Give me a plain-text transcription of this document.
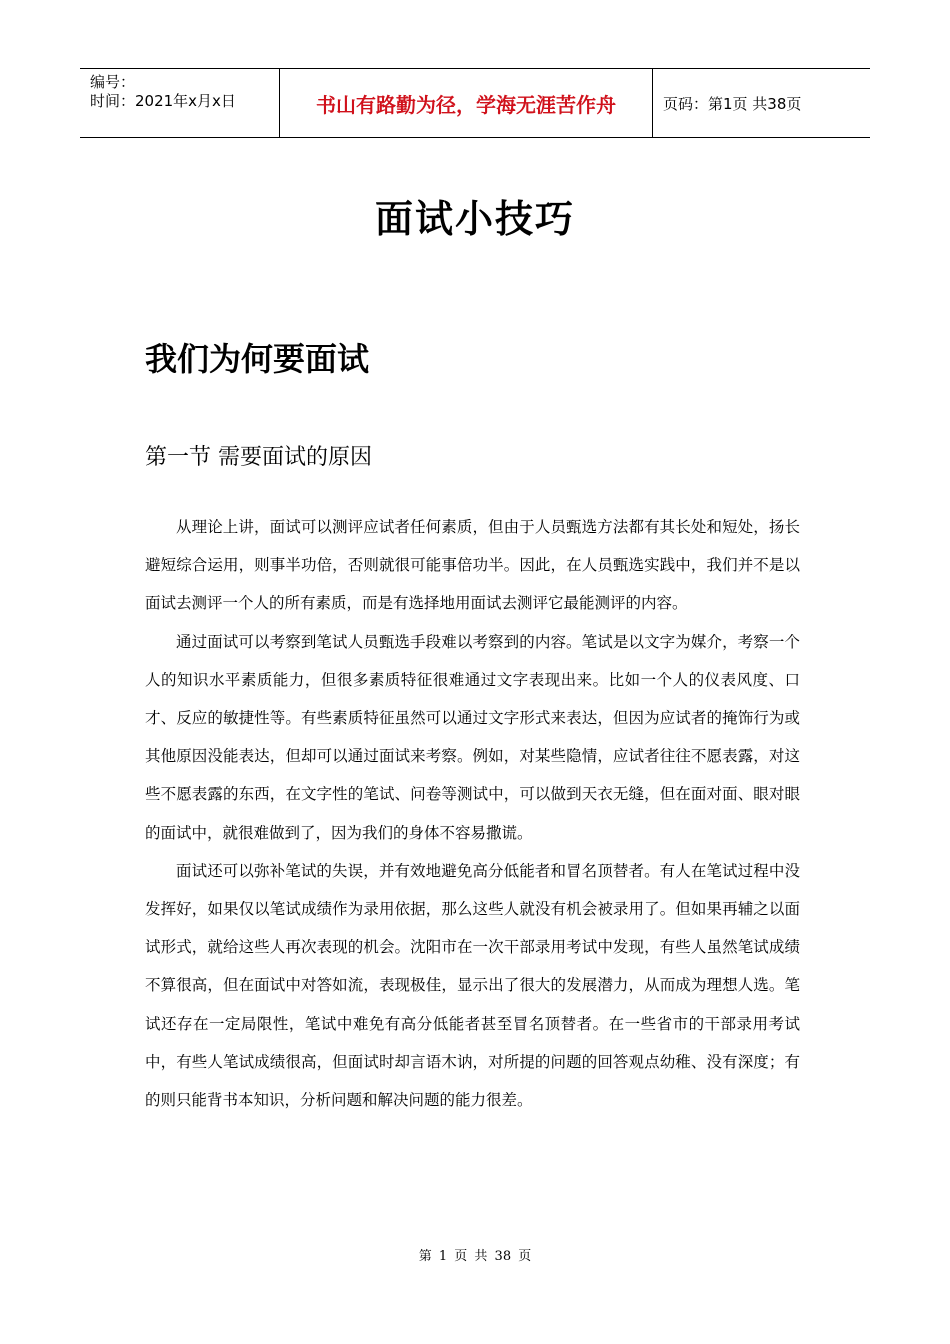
编号：
时间：2021年x月x日	书山有路勤为径，学海无涯苦作舟	页码：第1页 共38页
面试小技巧
我们为何要面试
第一节 需要面试的原因

从理论上讲，面试可以测评应试者任何素质，但由于人员甄选方法都有其长处和短处，扬长避短综合运用，则事半功倍，否则就很可能事倍功半。因此，在人员甄选实践中，我们并不是以面试去测评一个人的所有素质，而是有选择地用面试去测评它最能测评的内容。

通过面试可以考察到笔试人员甄选手段难以考察到的内容。笔试是以文字为媒介，考察一个人的知识水平素质能力，但很多素质特征很难通过文字表现出来。比如一个人的仪表风度、口才、反应的敏捷性等。有些素质特征虽然可以通过文字形式来表达，但因为应试者的掩饰行为或其他原因没能表达，但却可以通过面试来考察。例如，对某些隐情，应试者往往不愿表露，对这些不愿表露的东西，在文字性的笔试、问卷等测试中，可以做到天衣无缝，但在面对面、眼对眼的面试中，就很难做到了，因为我们的身体不容易撒谎。

面试还可以弥补笔试的失误，并有效地避免高分低能者和冒名顶替者。有人在笔试过程中没发挥好，如果仅以笔试成绩作为录用依据，那么这些人就没有机会被录用了。但如果再辅之以面试形式，就给这些人再次表现的机会。沈阳市在一次干部录用考试中发现，有些人虽然笔试成绩不算很高，但在面试中对答如流，表现极佳，显示出了很大的发展潜力，从而成为理想人选。笔试还存在一定局限性，笔试中难免有高分低能者甚至冒名顶替者。在一些省市的干部录用考试中，有些人笔试成绩很高，但面试时却言语木讷，对所提的问题的回答观点幼稚、没有深度；有的则只能背书本知识，分析问题和解决问题的能力很差。

第 1 页 共 38 页
